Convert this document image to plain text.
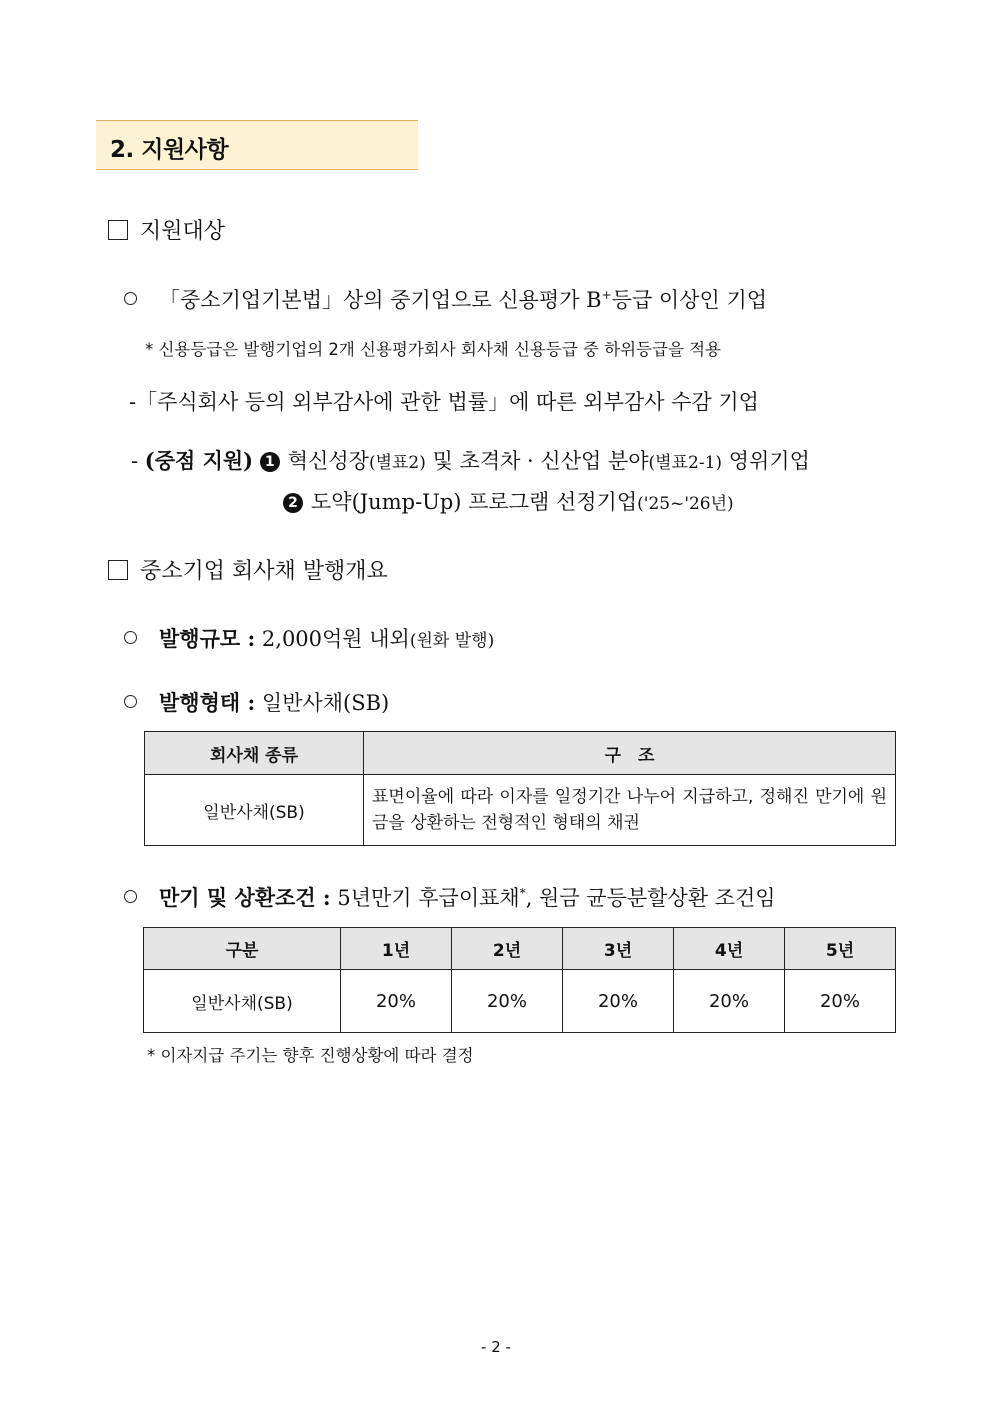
2. 지원사항
지원대상
「중소기업기본법」상의 중기업으로 신용평가 B+등급 이상인 기업
* 신용등급은 발행기업의 2개 신용평가회사 회사채 신용등급 중 하위등급을 적용
-「주식회사 등의 외부감사에 관한 법률」에 따른 외부감사 수감 기업
- (중점 지원) 1 혁신성장(별표2) 및 초격차 · 신산업 분야(별표2-1) 영위기업
2 도약(Jump-Up) 프로그램 선정기업('25~'26년)
중소기업 회사채 발행개요
발행규모 : 2,000억원 내외(원화 발행)
발행형태 : 일반사채(SB)
회사채 종류	구　조
일반사채(SB)	표면이율에 따라 이자를 일정기간 나누어 지급하고, 정해진 만기에 원금을 상환하는 전형적인 형태의 채권
만기 및 상환조건 : 5년만기 후급이표채*, 원금 균등분할상환 조건임
구분	1년	2년	3년	4년	5년
일반사채(SB)	20%	20%	20%	20%	20%
* 이자지급 주기는 향후 진행상황에 따라 결정
- 2 -
